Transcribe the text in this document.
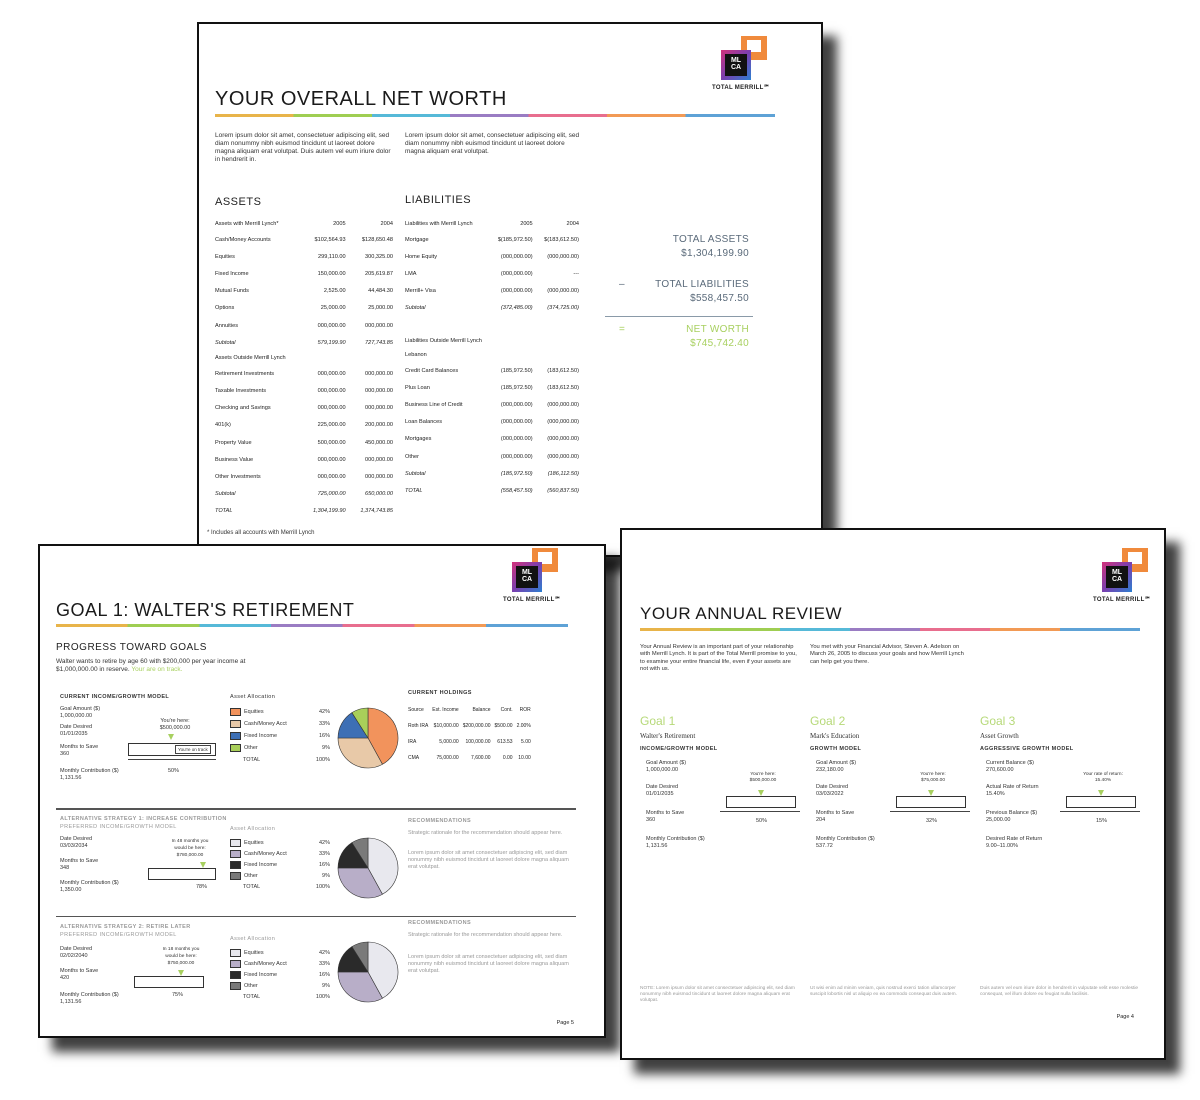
ML
CA
TOTAL MERRILL℠
YOUR OVERALL NET WORTH
Lorem ipsum dolor sit amet, consectetuer adipiscing elit, sed diam nonummy nibh euismod tincidunt ut laoreet dolore magna aliquam erat volutpat. Duis autem vel eum iriure dolor in hendrerit in.
Lorem ipsum dolor sit amet, consectetuer adipiscing elit, sed diam nonummy nibh euismod tincidunt ut laoreet dolore magna aliquam erat volutpat.
ASSETS	LIABILITIES
Assets with Merrill Lynch*	2005	2004
Cash/Money Accounts	$102,564.93	$128,650.48
Equities	299,110.00	300,325.00
Fixed Income	150,000.00	205,619.87
Mutual Funds	2,525.00	44,484.30
Options	25,000.00	25,000.00
Annuities	000,000.00	000,000.00
Subtotal	579,199.90	727,743.85
Assets Outside Merrill Lynch		
Retirement Investments	000,000.00	000,000.00
Taxable Investments	000,000.00	000,000.00
Checking and Savings	000,000.00	000,000.00
401(k)	225,000.00	200,000.00
Property Value	500,000.00	450,000.00
Business Value	000,000.00	000,000.00
Other Investments	000,000.00	000,000.00
Subtotal	725,000.00	650,000.00
TOTAL	1,304,199.90	1,374,743.85
Liabilities with Merrill Lynch	2005	2004
Mortgage	$(185,972.50)	$(183,612.50)
Home Equity	(000,000.00)	(000,000.00)
LMA	(000,000.00)	---
Merrill+ Visa	(000,000.00)	(000,000.00)
Subtotal	(372,485.00)	(374,725.00)

Liabilities Outside Merrill Lynch		
Lebanon		
Credit Card Balances	(185,972.50)	(183,612.50)
Plus Loan	(185,972.50)	(183,612.50)
Business Line of Credit	(000,000.00)	(000,000.00)
Loan Balances	(000,000.00)	(000,000.00)
Mortgages	(000,000.00)	(000,000.00)
Other	(000,000.00)	(000,000.00)
Subtotal	(185,972.50)	(186,112.50)
TOTAL	(558,457.50)	(560,837.50)
TOTAL ASSETS
$1,304,199.90
–	TOTAL LIABILITIES
$558,457.50
=	NET WORTH
$745,742.40
* Includes all accounts with Merrill Lynch
ML
CA
TOTAL MERRILL℠
GOAL 1: WALTER'S RETIREMENT
PROGRESS TOWARD GOALS
Walter wants to retire by age 60 with $200,000 per year income at $1,000,000.00 in reserve. Your are on track.
CURRENT INCOME/GROWTH MODEL
Goal Amount ($)
1,000,000.00
Date Desired
01/01/2035
Months to Save
360
Monthly Contribution ($)
1,131.56
You're here: $500,000.00
You're on track
50%
Asset Allocation
Equities	42%
Cash/Money Acct	33%
Fixed Income	16%
Other	9%
TOTAL	100%
CURRENT HOLDINGS
Source	Est. Income	Balance	Cont.	ROR
Roth IRA	$10,000.00	$200,000.00	$500.00	2.00%
IRA	5,000.00	100,000.00	613.53	5.00
CMA	75,000.00	7,600.00	0.00	10.00
ALTERNATIVE STRATEGY 1: INCREASE CONTRIBUTION
PREFERRED INCOME/GROWTH MODEL
Date Desired
03/03/2034
Months to Save
348
Monthly Contribution ($)
1,350.00
In 48 months you would be here: $780,000.00
78%
Asset Allocation
Equities	42%
Cash/Money Acct	33%
Fixed Income	16%
Other	9%
TOTAL	100%
RECOMMENDATIONS
Strategic rationale for the recommendation should appear here.
Lorem ipsum dolor sit amet consectetuer adipiscing elit, sed diam nonummy nibh euismod tincidunt ut laoreet dolore magna aliquam erat volutpat.
ALTERNATIVE STRATEGY 2: RETIRE LATER
PREFERRED INCOME/GROWTH MODEL
Date Desired
02/02/2040
Months to Save
420
Monthly Contribution ($)
1,131.56
In 18 months you would be here: $750,000.00
75%
Asset Allocation
Equities	42%
Cash/Money Acct	33%
Fixed Income	16%
Other	9%
TOTAL	100%
RECOMMENDATIONS
Strategic rationale for the recommendation should appear here.
Lorem ipsum dolor sit amet consectetuer adipiscing elit, sed diam nonummy nibh euismod tincidunt ut laoreet dolore magna aliquam erat volutpat.
Page 5
ML
CA
TOTAL MERRILL℠
YOUR ANNUAL REVIEW
Your Annual Review is an important part of your relationship with Merrill Lynch. It is part of the Total Merrill promise to you, to examine your entire financial life, even if your assets are not with us.
You met with your Financial Advisor, Steven A. Adelson on March 26, 2005 to discuss your goals and how Merrill Lynch can help get you there.
NOTE: Lorem ipsum dolor sit amet consectetuer adipiscing elit, sed diam nonummy nibh euismod tincidunt ut laoreet dolore magna aliquam erat volutpat.
Ut wisi enim ad minim veniam, quis nostrud exerci tation ullamcorper suscipit lobortis nisl ut aliquip ex ea commodo consequat duis autem.
Duis autem vel eum iriure dolor in hendrerit in vulputate velit esse molestie consequat, vel illum dolore eu feugiat nulla facilisis.
Page 4
Goal 1
Walter's Retirement
INCOME/GROWTH MODEL
Goal Amount ($)
1,000,000.00
Date Desired
01/01/2035
Months to Save
360
Monthly Contribution ($)
1,131.56
You're here: $500,000.00
50%
Goal 2
Mark's Education
GROWTH MODEL
Goal Amount ($)
232,180.00
Date Desired
03/03/2022
Months to Save
204
Monthly Contribution ($)
537.72
You're here: $75,000.00
32%
Goal 3
Asset Growth
AGGRESSIVE GROWTH MODEL
Current Balance ($)
270,600.00
Actual Rate of Return
15.40%
Previous Balance ($)
25,000.00
Desired Rate of Return
9.00–11.00%
Your rate of return: 15.40%
15%
